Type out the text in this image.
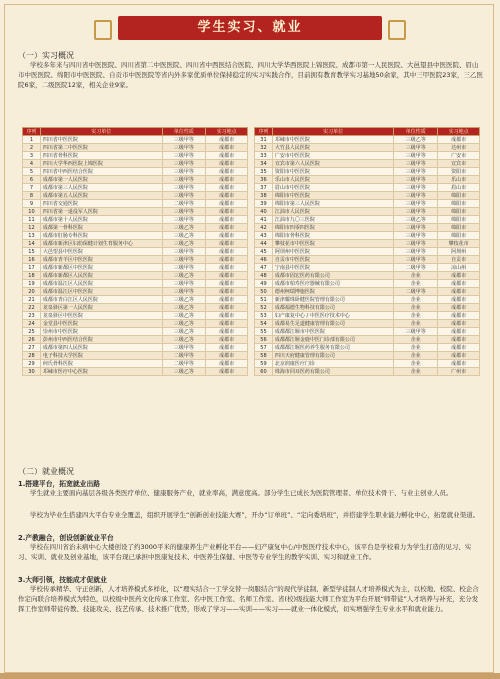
学生实习、就业
（一）实习概况
学校多年来与四川省中医医院、四川省第二中医医院、四川省中西医结合医院、四川大学华西医院上锦医院、成都市第一人民医院、大邑望县中医医院、眉山市中医医院、绵阳市中医医院、自贡市中医医院等省内外多家优质单位保持稳定的实习实践合作，目前拥有教育教学实习基地50余家，其中三甲医院23家，三乙医院6家，二级医院12家，相关企业9家。
序列	实习单位	单位性质	实习地点
1	四川省中医医院	三级甲等	成都市
2	四川省第二中医医院	三级甲等	成都市
3	四川省骨科医院	三级甲等	成都市
4	四川大学华西医院上锦医院	三级甲等	成都市
5	四川省中西医结合医院	三级甲等	成都市
6	成都市第一人民医院	三级甲等	成都市
7	成都市第三人民医院	三级甲等	成都市
8	成都市第五人民医院	三级甲等	成都市
9	四川省交通医院	二级甲等	成都市
10	四川省第一退役军人医院	三级甲等	成都市
11	成都市第十人民医院	三级甲等	成都市
12	成都第一骨科医院	三级乙等	成都市
13	成都市肛肠专科医院	三级乙等	成都市
14	成都市新津区妇幼保健计划生育服务中心	三级乙等	成都市
15	大邑望县中医医院	三级甲等	成都市
16	成都市青羊区中医医院	三级甲等	成都市
17	成都市新都区中医医院	三级甲等	成都市
18	成都市新都区人民医院	三级乙等	成都市
19	成都市温江区人民医院	三级甲等	成都市
20	成都市温江区中医医院	三级甲等	成都市
21	成都市青白江区人民医院	三级乙等	成都市
22	龙泉驿区第一人民医院	三级乙等	成都市
23	龙泉驿区中医医院	三级乙等	成都市
24	金堂县中医医院	三级乙等	成都市
25	崇州市中医医院	三级乙等	成都市
26	彭州市中西医结合医院	三级乙等	成都市
27	成都市第四人民医院	三级甲等	成都市
28	电子科技大学医院	二级甲等	成都市
29	何氏骨科医院	二级甲等	成都市
30	邛崃市医疗中心医院	三级乙等	成都市
序列	实习单位	单位性质	实习地点
31	邛崃市中医医院	三级乙等	成都市
32	大竹县人民医院	三级甲等	达州市
33	广安市中医医院	三级甲等	广安市
34	宜宾市第六人民医院	三级甲等	宜宾市
35	资阳市中医医院	三级甲等	资阳市
36	乐山市人民医院	三级甲等	乐山市
37	眉山市中医医院	三级甲等	眉山市
38	绵阳市中医医院	三级甲等	绵阳市
39	绵阳市第三人民医院	三级甲等	绵阳市
40	江油市人民医院	三级甲等	绵阳市
41	江油市九〇三医院	三级乙等	绵阳市
42	绵阳市四零四医院	三级甲等	绵阳市
43	绵阳市骨科医院	三级甲等	绵阳市
44	攀枝花市中医医院	三级甲等	攀枝花市
45	阿坝州中医医院	三级甲等	阿坝州
46	自贡市中医医院	三级甲等	自贡市
47	宁南县中医医院	二级甲等	凉山州
48	成都市固宏医药有限公司	企业	成都市
49	成都市柏寿医疗器械有限公司	企业	成都市
50	德州柯瑞博施医院	二级甲等	成都市
51	新津耀珠卧健医院管理有限公司	企业	成都市
52	成都福德生物科技有限公司	企业	成都市
53	妇产康复中心 / 中医医疗技术中心	企业	成都市
54	成都易生足道健康管理有限公司	企业	成都市
55	成都都江堰市中医医院	三级甲等	成都市
56	成都都江堰金鹿中医门诊部有限公司	企业	成都市
57	成都都江堰医药养生服务有限公司	企业	成都市
58	四川天府健康管理有限公司	企业	成都市
59	北京润康医疗门诊	企业	成都市
60	珠海市同耳医药有限公司	企业	广州市
（二）就业概况
1.搭建平台，拓宽就业出路
学生就业主要面向基层各级各类医疗单位、健康服务产业，就业率高，满意度高。部分学生已成长为医院管理者、单位技术骨干、与业主创业人员。
学校为毕业生搭建四大平台专业全覆盖，组织开展学生“创新创业技能大赛”，开办“订单班”、“定向委培班”，并搭建学生职业能力孵化中心，拓宽就业渠道。
2.产教融合，创设创新就业平台
学校在四川省治未病中心大楼创设了约3000平米的健康养生产业孵化平台——妇产康复中心/中医医疗技术中心，该平台是学校着力为学生打造的见习、实习、实训、就业及创业基地，该平台现已承担中医康复技术、中医养生保健、中医等专业学生的教学实训、实习和就业工作。
3.大师引领，技能成才促就业
学校传承精华、守正创新，人才培养模式多样化，以“理实结合一工学交替一岗服结合”的现代学徒制、新型学徒制人才培养模式为主，以校地、校院、校企合作定向联合培养模式为特色，以校级中医药文化传承工作室、名中医工作室、名师工作室、省(校)级技能大师工作室为平台开展“师带徒”人才培养与补充，充分发挥工作室师带徒传教、技能攻关、技艺传承、技术推广优势，形成了学习——实训——实习——就业一体化模式，切实增强学生专业水平和就业能力。
